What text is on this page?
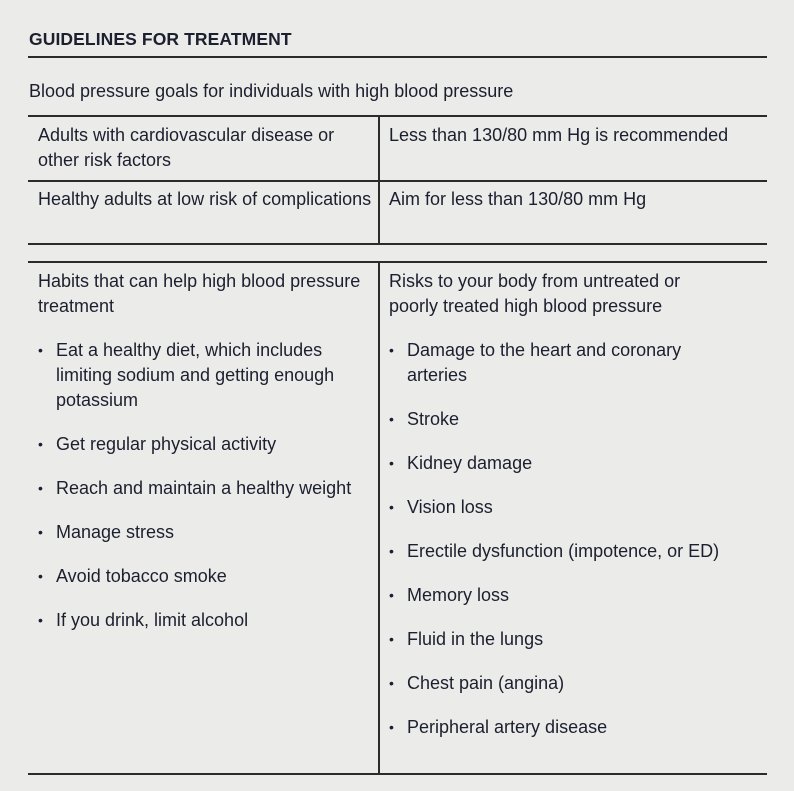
GUIDELINES FOR TREATMENT
Blood pressure goals for individuals with high blood pressure
Adults with cardiovascular disease or other risk factors
Less than 130/80 mm Hg is recommended
Healthy adults at low risk of complications Aim for less than 130/80 mm Hg
Habits that can help high blood pressure treatment
• Eat a healthy diet, which includes limiting sodium and getting enough potassium
• Get regular physical activity
• Reach and maintain a healthy weight
• Manage stress
• Avoid tobacco smoke
• If you drink, limit alcohol
Risks to your body from untreated or poorly treated high blood pressure
• Damage to the heart and coronary arteries
• Stroke
• Kidney damage
• Vision loss
• Erectile dysfunction (impotence, or ED)
• Memory loss
• Fluid in the lungs
• Chest pain (angina)
• Peripheral artery disease
